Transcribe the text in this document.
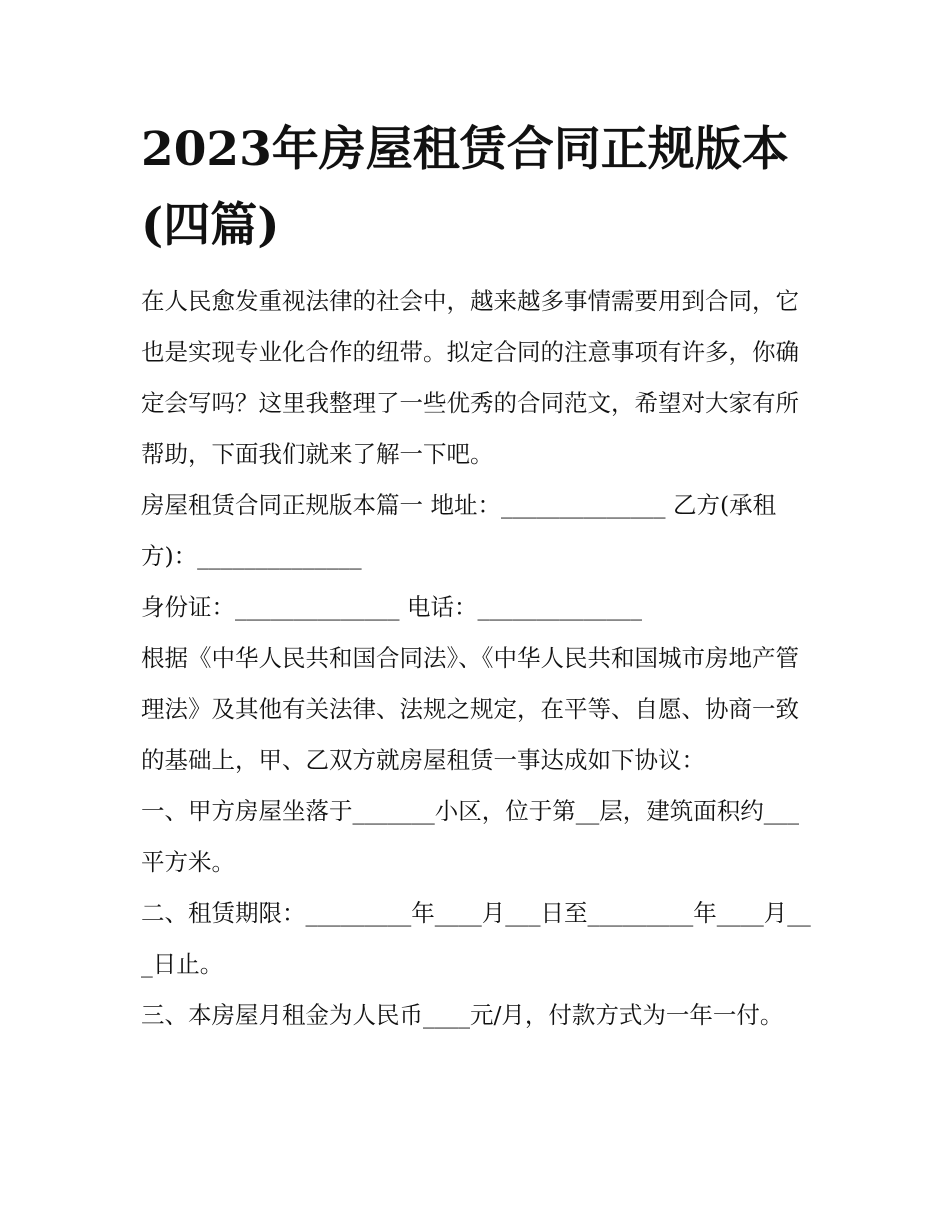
2023年房屋租赁合同正规版本(四篇)

在人民愈发重视法律的社会中，越来越多事情需要用到合同，它也是实现专业化合作的纽带。拟定合同的注意事项有许多，你确定会写吗？这里我整理了一些优秀的合同范文，希望对大家有所帮助，下面我们就来了解一下吧。

房屋租赁合同正规版本篇一 地址：______________ 乙方(承租方)：______________

身份证：______________ 电话：______________

根据《中华人民共和国合同法》、《中华人民共和国城市房地产管理法》及其他有关法律、法规之规定，在平等、自愿、协商一致的基础上，甲、乙双方就房屋租赁一事达成如下协议：

一、甲方房屋坐落于_______小区，位于第__层，建筑面积约___平方米。

二、租赁期限：_________年____月___日至_________年____月___日止。

三、本房屋月租金为人民币____元/月，付款方式为一年一付。
